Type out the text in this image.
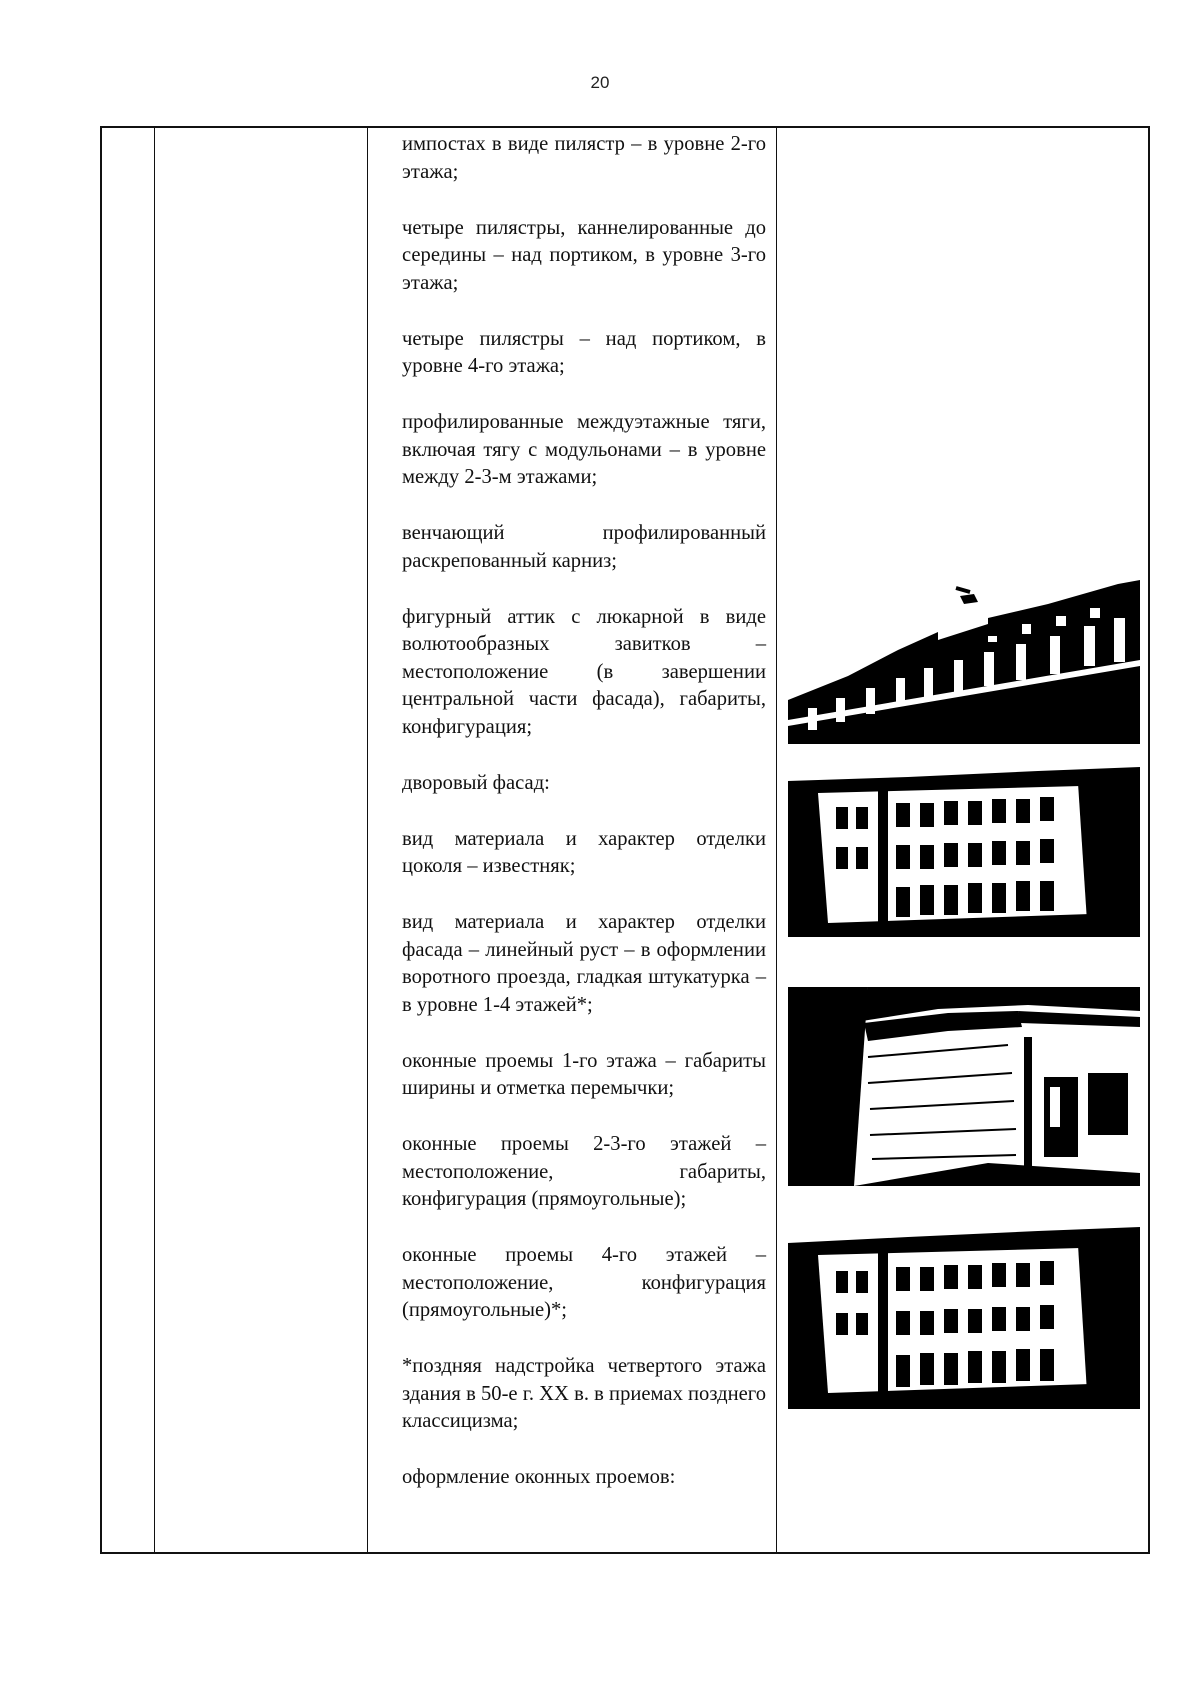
20

импостах в виде пилястр – в уровне 2-го этажа;

четыре пилястры, каннелированные до середины – над портиком, в уровне 3-го этажа;

четыре пилястры – над портиком, в уровне 4-го этажа;

профилированные междуэтажные тяги, включая тягу с модульонами – в уровне между 2-3-м этажами;

венчающий профилированный раскрепованный карниз;

фигурный аттик с люкарной в виде волютообразных завитков – местоположение (в завершении центральной части фасада), габариты, конфигурация;

дворовый фасад:

вид материала и характер отделки цоколя – известняк;

вид материала и характер отделки фасада – линейный руст – в оформлении воротного проезда, гладкая штукатурка – в уровне 1-4 этажей*;

оконные проемы 1-го этажа – габариты ширины и отметка перемычки;

оконные проемы 2-3-го этажей – местоположение, габариты, конфигурация (прямоугольные);

оконные проемы 4-го этажей – местоположение, конфигурация (прямоугольные)*;

*поздняя надстройка четвертого этажа здания в 50-е г. XX в. в приемах позднего классицизма;

оформление оконных проемов:
